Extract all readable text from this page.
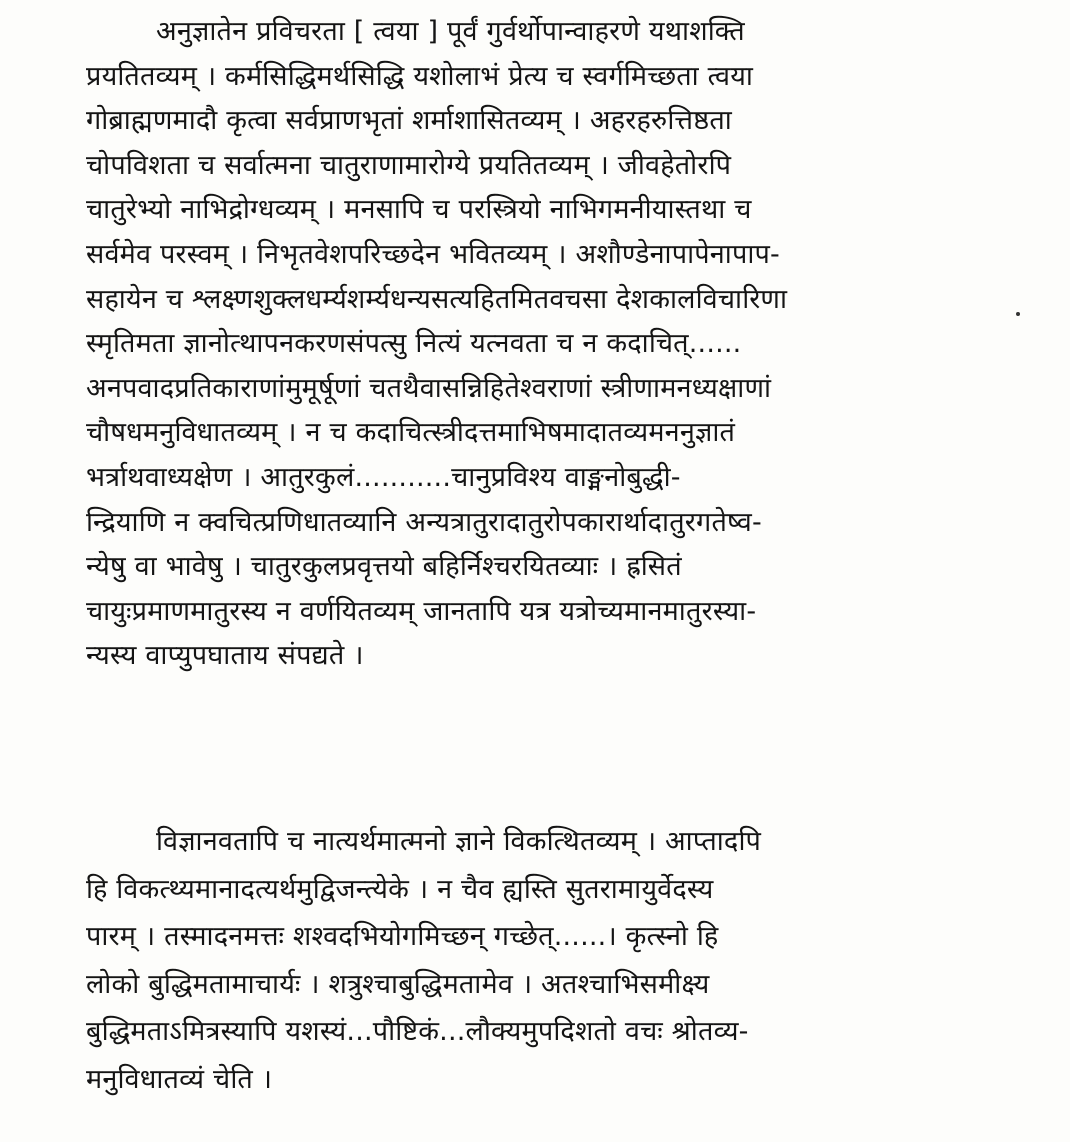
अनुज्ञातेन प्रविचरता [ त्वया ] पूर्वं गुर्वर्थोपान्वाहरणे यथाशक्ति
प्रयतितव्यम् । कर्मसिद्धिमर्थसिद्धि यशोलाभं प्रेत्य च स्वर्गमिच्छता त्वया
गोब्राह्मणमादौ कृत्वा सर्वप्राणभृतां शर्माशासितव्यम् । अहरहरुत्तिष्ठता
चोपविशता च सर्वात्मना चातुराणामारोग्ये प्रयतितव्यम् । जीवहेतोरपि
चातुरेभ्यो नाभिद्रोग्धव्यम् । मनसापि च परस्त्रियो नाभिगमनीयास्तथा च
सर्वमेव परस्वम् । निभृतवेशपरिच्छदेन भवितव्यम् । अशौण्डेनापापेनापाप-
सहायेन च श्लक्ष्णशुक्लधर्म्यशर्म्यधन्यसत्यहितमितवचसा देशकालविचारिणा
स्मृतिमता ज्ञानोत्थापनकरणसंपत्सु नित्यं यत्नवता च न कदाचित्......
अनपवादप्रतिकाराणांमुमूर्षूणां चतथैवासन्निहितेश्वराणां स्त्रीणामनध्यक्षाणां
चौषधमनुविधातव्यम् । न च कदाचित्स्त्रीदत्तमाभिषमादातव्यमननुज्ञातं
भर्त्राथवाध्यक्षेण । आतुरकुलं...........चानुप्रविश्य वाङ्मनोबुद्धी-
न्द्रियाणि न क्वचित्प्रणिधातव्यानि अन्यत्रातुरादातुरोपकारार्थादातुरगतेष्व-
न्येषु वा भावेषु । चातुरकुलप्रवृत्तयो बहिर्निश्चरयितव्याः । ह्रसितं
चायुःप्रमाणमातुरस्य न वर्णयितव्यम् जानतापि यत्र यत्रोच्यमानमातुरस्या-
न्यस्य वाप्युपघाताय संपद्यते ।
विज्ञानवतापि च नात्यर्थमात्मनो ज्ञाने विकत्थितव्यम् । आप्तादपि
हि विकत्थ्यमानादत्यर्थमुद्विजन्त्येके । न चैव ह्यस्ति सुतरामायुर्वेदस्य
पारम् । तस्मादनमत्तः शश्वदभियोगमिच्छन् गच्छेत्......। कृत्स्नो हि
लोको बुद्धिमतामाचार्यः । शत्रुश्चाबुद्धिमतामेव । अतश्चाभिसमीक्ष्य
बुद्धिमताऽमित्रस्यापि यशस्यं...पौष्टिकं...लौक्यमुपदिशतो वचः श्रोतव्य-
मनुविधातव्यं चेति ।
